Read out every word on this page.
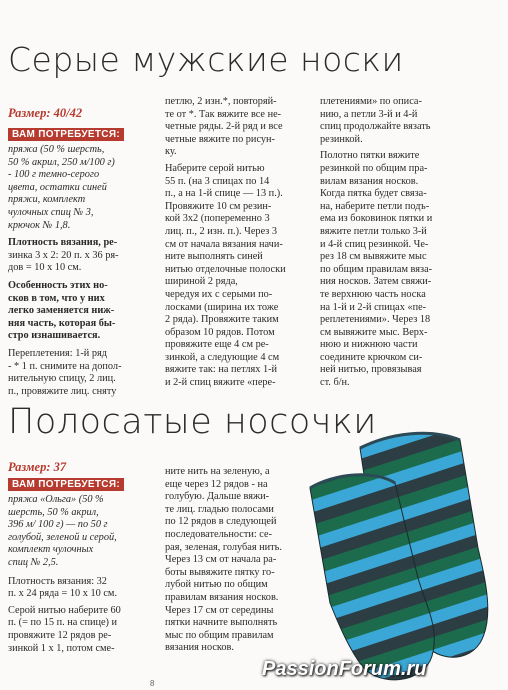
Серые мужские носки
Размер: 40/42
ВАМ ПОТРЕБУЕТСЯ:

пряжа (50 % шерсть,

50 % акрил, 250 м/100 г)

- 100 г темно-серого

цвета, остатки синей

пряжи, комплект

чулочных спиц № 3,

крючок № 1,8.

Плотность вязания, ре-

зинка 3 х 2: 20 п. х 36 ря-

дов = 10 х 10 см.

Особенность этих но-

сков в том, что у них

легко заменяется ниж-

няя часть, которая бы-

стро изнашивается.

Переплетения: 1-й ряд

- * 1 п. снимите на допол-

нительную спицу, 2 лиц.

п., провяжите лиц. сняту

петлю, 2 изн.*, повторяй-

те от *. Так вяжите все не-

четные ряды. 2-й ряд и все

четные вяжите по рисун-

ку.

Наберите серой нитью

55 п. (на 3 спицах по 14

п., а на 1-й спице — 13 п.).

Провяжите 10 см резин-

кой 3х2 (попеременно 3

лиц. п., 2 изн. п.). Через 3

см от начала вязания начи-

ните выполнять синей

нитью отделочные полоски

шириной 2 ряда,

чередуя их с серыми по-

лосками (ширина их тоже

2 ряда). Провяжите таким

образом 10 рядов. Потом

провяжите еще 4 см ре-

зинкой, а следующие 4 см

вяжите так: на петлях 1-й

и 2-й спиц вяжите «пере-

плетениями» по описа-

нию, а петли 3-й и 4-й

спиц продолжайте вязать

резинкой.

Полотно пятки вяжите

резинкой по общим пра-

вилам вязания носков.

Когда пятка будет связа-

на, наберите петли подъ-

ема из боковинок пятки и

вяжите петли только 3-й

и 4-й спиц резинкой. Че-

рез 18 см вывяжите мыс

по общим правилам вяза-

ния носков. Затем свяжи-

те верхнюю часть носка

на 1-й и 2-й спицах «пе-

реплетениями». Через 18

см вывяжите мыс. Верх-

нюю и нижнюю части

соедините крючком си-

ней нитью, провязывая

ст. б/н.

Полосатые носочки
Размер: 37
ВАМ ПОТРЕБУЕТСЯ:

пряжа «Ольга» (50 %

шерсть, 50 % акрил,

396 м/ 100 г) — по 50 г

голубой, зеленой и серой,

комплект чулочных

спиц № 2,5.

Плотность вязания: 32

п. х 24 ряда = 10 х 10 см.

Серой нитью наберите 60

п. (= по 15 п. на спице) и

провяжите 12 рядов ре-

зинкой 1 х 1, потом сме-

ните нить на зеленую, а

еще через 12 рядов - на

голубую. Дальше вяжи-

те лиц. гладью полосами

по 12 рядов в следующей

последовательности: се-

рая, зеленая, голубая нить.

Через 13 см от начала ра-

боты вывяжите пятку го-

лубой нитью по общим

правилам вязания носков.

Через 17 см от середины

пятки начните выполнять

мыс по общим правилам

вязания носков.

PassionForum.ru
8
